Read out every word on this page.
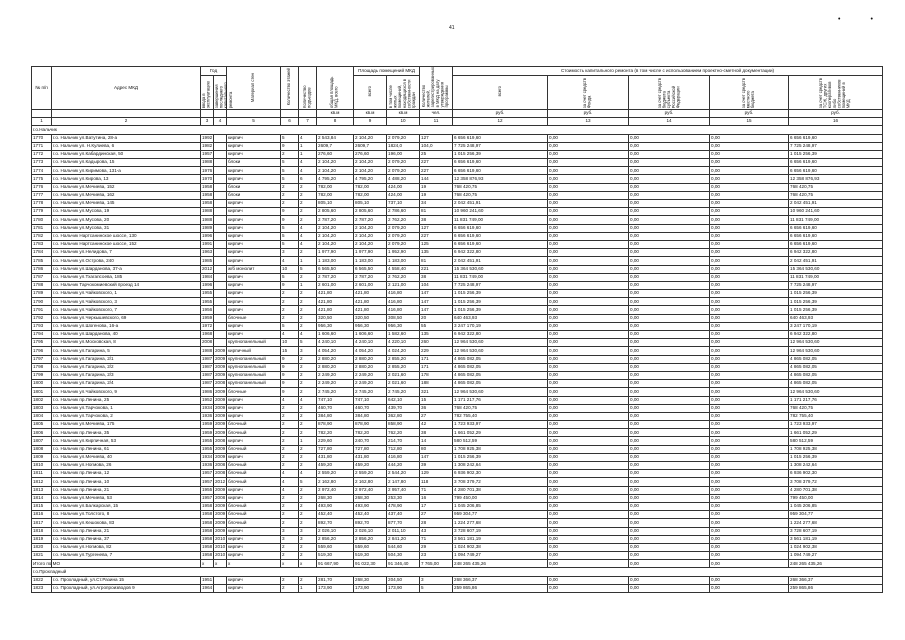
41
••
№ п/п	Адрес МКД	Год		Материал стен	Количество этажей	Количество подъездов	общая площадь МКД, всего	Площадь помещений МКД		Количество жителей, зарегистрированных в МКД на дату утверждения программы	Стоимость капитального ремонта (в том числе с использованием проектно-сметной документации)				
		ввода в эксплуатацию	завершения последнего капитального ремонта					всего	в том числе жилых помещений, находящихся в собственности граждан		всего	за счет средств Фонда	за счет средств бюджета субъекта Российской Федерации	за счет средств местного бюджета	за счет средств ТСЖ, других кооперативов либо собственников помещений в МКД
							кв.м	кв.м	кв.м	чел.	руб.	руб.	руб.	руб.	руб.
1	2	3	4	5	6	7	8	9	10	11	12	13	14	15	16
г.о.Нальчик															
1770	г.о. Нальчик ул.Ватутина, 28-а	1992		кирпич	5	4	2 543,84	2 104,20	2 079,20	127	6 656 619,60	0,00	0,00	0,00	6 656 619,60
1771	г.о. Нальчик ул. Н.Кулиева, 6	1982		кирпич	9	1	2609,7	2609,7	1824,0	104,0	7 725 248,97	0,00	0,00	0,00	7 725 248,97
1772	г.о. Нальчик ул.Кабардинская, 50	1957		кирпич	2	1	276,60	276,60	196,00	25	1 015 256,39	0,00	0,00	0,00	1 015 256,39
1773	г.о. Нальчик ул.Кадырова, 15	1988		блоки	5	4	2 104,20	2 104,20	2 079,20	227	6 656 619,60	0,00	0,00	0,00	6 656 619,60
1774	г.о. Нальчик ул.Киримова, 131-а	1976		кирпич	5	4	2 104,20	2 104,20	2 079,20	227	6 656 619,60	0,00	0,00	0,00	6 656 619,60
1775	г.о. Нальчик ул.Кирова, 13	1970		кирпич	5	6	4 795,20	4 795,20	4 488,20	144	12 358 876,93	0,00	0,00	0,00	12 358 876,93
1776	г.о. Нальчик ул.Мечиева, 152	1958		блоки	2	2	782,00	782,00	424,00	19	768 420,75	0,00	0,00	0,00	768 420,75
1777	г.о. Нальчик ул.Мечиева, 162	1958		блоки	2	2	782,00	782,00	424,00	19	768 420,75	0,00	0,00	0,00	768 420,75
1778	г.о. Нальчик ул.Мечиева, 145	1958		кирпич	2	2	805,10	805,10	737,10	34	2 042 451,91	0,00	0,00	0,00	2 042 451,91
1779	г.о. Нальчик ул.Мусова, 19	1988		кирпич	9	2	2 805,60	2 805,60	2 786,60	81	10 960 241,60	0,00	0,00	0,00	10 960 241,60
1780	г.о. Нальчик ул.Мусова, 20	1988		кирпич	9	2	2 787,20	2 787,20	2 762,20	38	11 831 749,00	0,00	0,00	0,00	11 831 749,00
1781	г.о. Нальчик ул.Мусова, 31	1989		кирпич	5	4	2 104,20	2 104,20	2 079,20	127	6 656 619,60	0,00	0,00	0,00	6 656 619,60
1782	г.о. Нальчик Нартсанинское шоссе, 130	1996		кирпич	5	4	2 104,20	2 104,20	2 079,20	227	6 656 619,60	0,00	0,00	0,00	6 656 619,60
1783	г.о. Нальчик Нартсанинское шоссе, 152	1991		кирпич	5	4	2 104,20	2 104,20	2 079,20	125	6 656 619,60	0,00	0,00	0,00	6 656 619,60
1784	г.о. Нальчик ул.Нелидова, 7	1963		кирпич	3	2	1 977,90	1 977,90	1 952,90	135	6 942 322,80	0,00	0,00	0,00	6 942 322,80
1785	г.о. Нальчик ул.Острова, 240	1985		кирпич	4	1	1 183,00	1 183,00	1 183,00	81	2 042 451,91	0,00	0,00	0,00	2 042 451,91
1786	г.о. Нальчик ул.Шарданова, 37-а	2012		ж/б монолит	10	5	6 565,50	6 565,50	4 558,40	221	15 364 530,60	0,00	0,00	0,00	15 364 530,60
1787	г.о. Нальчик ул.Тхагапсоева, 185	1984		кирпич	5	2	2 787,20	2 787,20	2 762,20	38	11 831 749,00	0,00	0,00	0,00	11 831 749,00
1788	г.о. Нальчик Тарчокомиевский проезд 14	1996		кирпич	9	1	2 601,00	2 601,00	2 121,00	104	7 725 248,97	0,00	0,00	0,00	7 725 248,97
1789	г.о. Нальчик ул.Чайковского, 1	1955		кирпич	2	2	421,80	421,80	416,80	147	1 015 256,39	0,00	0,00	0,00	1 015 256,39
1790	г.о. Нальчик ул.Чайковского, 3	1955		кирпич	2	2	421,80	421,80	416,80	147	1 015 256,39	0,00	0,00	0,00	1 015 256,39
1791	г.о. Нальчик ул.Чайковского, 7	1956		кирпич	2	2	421,80	421,80	416,80	147	1 015 256,39	0,00	0,00	0,00	1 015 256,39
1792	г.о. Нальчик ул.Черкышевского, 69	1959		блочные	2	2	320,50	320,50	308,50	20	640 463,93	0,00	0,00	0,00	640 463,93
1793	г.о. Нальчик ул.Шогенова, 16-а	1972		кирпич	5	2	956,30	956,30	956,30	55	3 247 170,19	0,00	0,00	0,00	3 247 170,19
1794	г.о. Нальчик ул.Шарданова, 40	1968		кирпич	4	4	1 606,60	1 606,60	1 582,60	135	6 942 322,80	0,00	0,00	0,00	6 942 322,80
1795	г.о. Нальчик ул.Московская, 8	2008		крупнопанельный	10	5	4 240,10	4 240,10	4 220,10	260	12 964 530,60	0,00	0,00	0,00	12 964 530,60
1796	г.о. Нальчик ул.Гагарина, 5	1988	2009	кирпичный	15	3	4 054,20	4 054,20	4 024,20	229	12 964 530,60	0,00	0,00	0,00	12 964 530,60
1797	г.о. Нальчик ул.Гагарина, 2/1	1987	2009	крупнопанельный	9	2	2 880,20	2 880,20	2 855,20	171	4 865 082,05	0,00	0,00	0,00	4 865 082,05
1798	г.о. Нальчик ул.Гагарина, 2/2	1987	2009	крупнопанельный	9	2	2 880,20	2 880,20	2 855,20	171	4 865 082,05	0,00	0,00	0,00	4 865 082,05
1799	г.о. Нальчик ул.Гагарина, 2/3	1987	2009	крупнопанельный	9	2	2 249,20	2 249,20	2 021,60	178	4 865 082,05	0,00	0,00	0,00	4 865 082,05
1800	г.о. Нальчик ул.Гагарина, 2/4	1987	2008	крупнопанельный	9	2	2 249,20	2 249,20	2 021,60	188	4 865 082,05	0,00	0,00	0,00	4 865 082,05
1801	г.о. Нальчик ул.Чайковского, 9	1986	2009	блочные	9	2	2 745,20	2 745,20	2 745,20	321	12 964 530,60	0,00	0,00	0,00	12 964 530,60
1802	г.о. Нальчик пр.Ленина, 25	1952	2009	кирпич	4	4	747,10	747,10	642,10	15	1 171 217,76	0,00	0,00	0,00	1 171 217,76
1803	г.о. Нальчик ул.Тарчокова, 1	1934	2009	кирпич	2	2	460,70	460,70	439,70	36	768 420,75	0,00	0,00	0,00	768 420,75
1804	г.о. Нальчик ул.Тарчокова, 2	1936	2009	кирпич	2	2	384,80	384,80	362,80	27	782 755,40	0,00	0,00	0,00	782 755,40
1805	г.о. Нальчик ул.Мечиева, 175	1959	2009	блочный	2	2	878,90	878,90	858,90	42	1 723 933,97	0,00	0,00	0,00	1 723 933,97
1806	г.о. Нальчик пр.Ленина, 35	1959	2009	блочный	2	2	782,20	782,20	762,20	38	1 661 052,29	0,00	0,00	0,00	1 661 052,29
1807	г.о. Нальчик ул.Кирпичная, 53	1955	2008	кирпич	2	1	229,60	240,70	214,70	14	580 512,59	0,00	0,00	0,00	580 512,59
1808	г.о. Нальчик пр.Ленина, 61	1955	2009	блочный	2	2	727,80	727,80	712,80	80	1 708 925,38	0,00	0,00	0,00	1 708 925,38
1809	г.о. Нальчик ул.Мечиева, 40	1934	2009	кирпич	2	2	431,80	431,80	416,80	147	1 015 256,39	0,00	0,00	0,00	1 015 256,39
1810	г.о. Нальчик ул.Ногмова, 26	1936	2008	блочный	2	2	459,20	459,20	444,20	39	1 308 242,64	0,00	0,00	0,00	1 308 242,64
1811	г.о. Нальчик пр.Ленина, 12	1957	2008	блочный	4	4	2 559,20	2 559,20	2 544,20	129	6 936 902,30	0,00	0,00	0,00	6 936 902,30
1812	г.о. Нальчик пр.Ленина, 10	1957	2012	блочный	4	5	2 162,80	2 162,80	2 147,80	118	3 708 379,72	0,00	0,00	0,00	3 708 379,72
1813	г.о. Нальчик пр.Ленина, 21	1955	2009	кирпич	4	2	2 972,40	2 972,40	2 957,40	71	4 280 701,38	0,00	0,00	0,00	4 280 701,38
1814	г.о. Нальчик ул.Мечиева, 53	1957	2008	кирпич	2	2	268,30	268,30	253,30	16	799 450,00	0,00	0,00	0,00	799 450,00
1815	г.о. Нальчик ул.Балкарская, 15	1958	2009	блочный	2	2	493,90	493,90	478,90	17	1 045 206,85	0,00	0,00	0,00	1 045 206,85
1816	г.о. Нальчик ул.Толстого, 8	1958	2009	блочный	2	2	452,40	452,40	437,40	27	959 304,77	0,00	0,00	0,00	959 304,77
1817	г.о. Нальчик ул.Кешокова, 83	1958	2009	блочный	2	2	892,70	892,70	877,70	28	1 224 277,68	0,00	0,00	0,00	1 224 277,68
1818	г.о. Нальчик пр.Ленина, 21	1958	2009	кирпич	3	3	2 026,10	2 026,10	2 011,10	43	3 728 607,19	0,00	0,00	0,00	3 728 607,19
1819	г.о. Нальчик пр.Ленина, 37	1958	2010	кирпич	3	3	2 856,20	2 856,20	2 841,20	71	3 561 181,19	0,00	0,00	0,00	3 561 181,19
1820	г.о. Нальчик ул.Ногмова, 82	1958	2010	кирпич	2	2	559,60	559,60	544,60	29	1 024 902,38	0,00	0,00	0,00	1 024 902,38
1821	г.о. Нальчик ул.Тургенева, 7	1958	2010	кирпич	2	2	519,30	519,30	504,30	23	1 094 749,27	0,00	0,00	0,00	1 094 749,27
Итого по МО		х	х	х	х	х	91 667,90	91 022,30	91 346,40	7 765,00	248 265 435,26	0,00	0,00	0,00	248 265 435,26
г.о.Прохладный															
1822	г.о. Прохладный, ул.Ст.Разина 15	1951		кирпич	2	2	281,70	268,30	204,50	3	268 366,37	0,00	0,00	0,00	268 366,37
1823	г.о. Прохладный, ул.Агропроизводов 9	1964		кирпич	2	1	173,90	173,90	173,90	5	259 865,86	0,00	0,00	0,00	259 865,86
